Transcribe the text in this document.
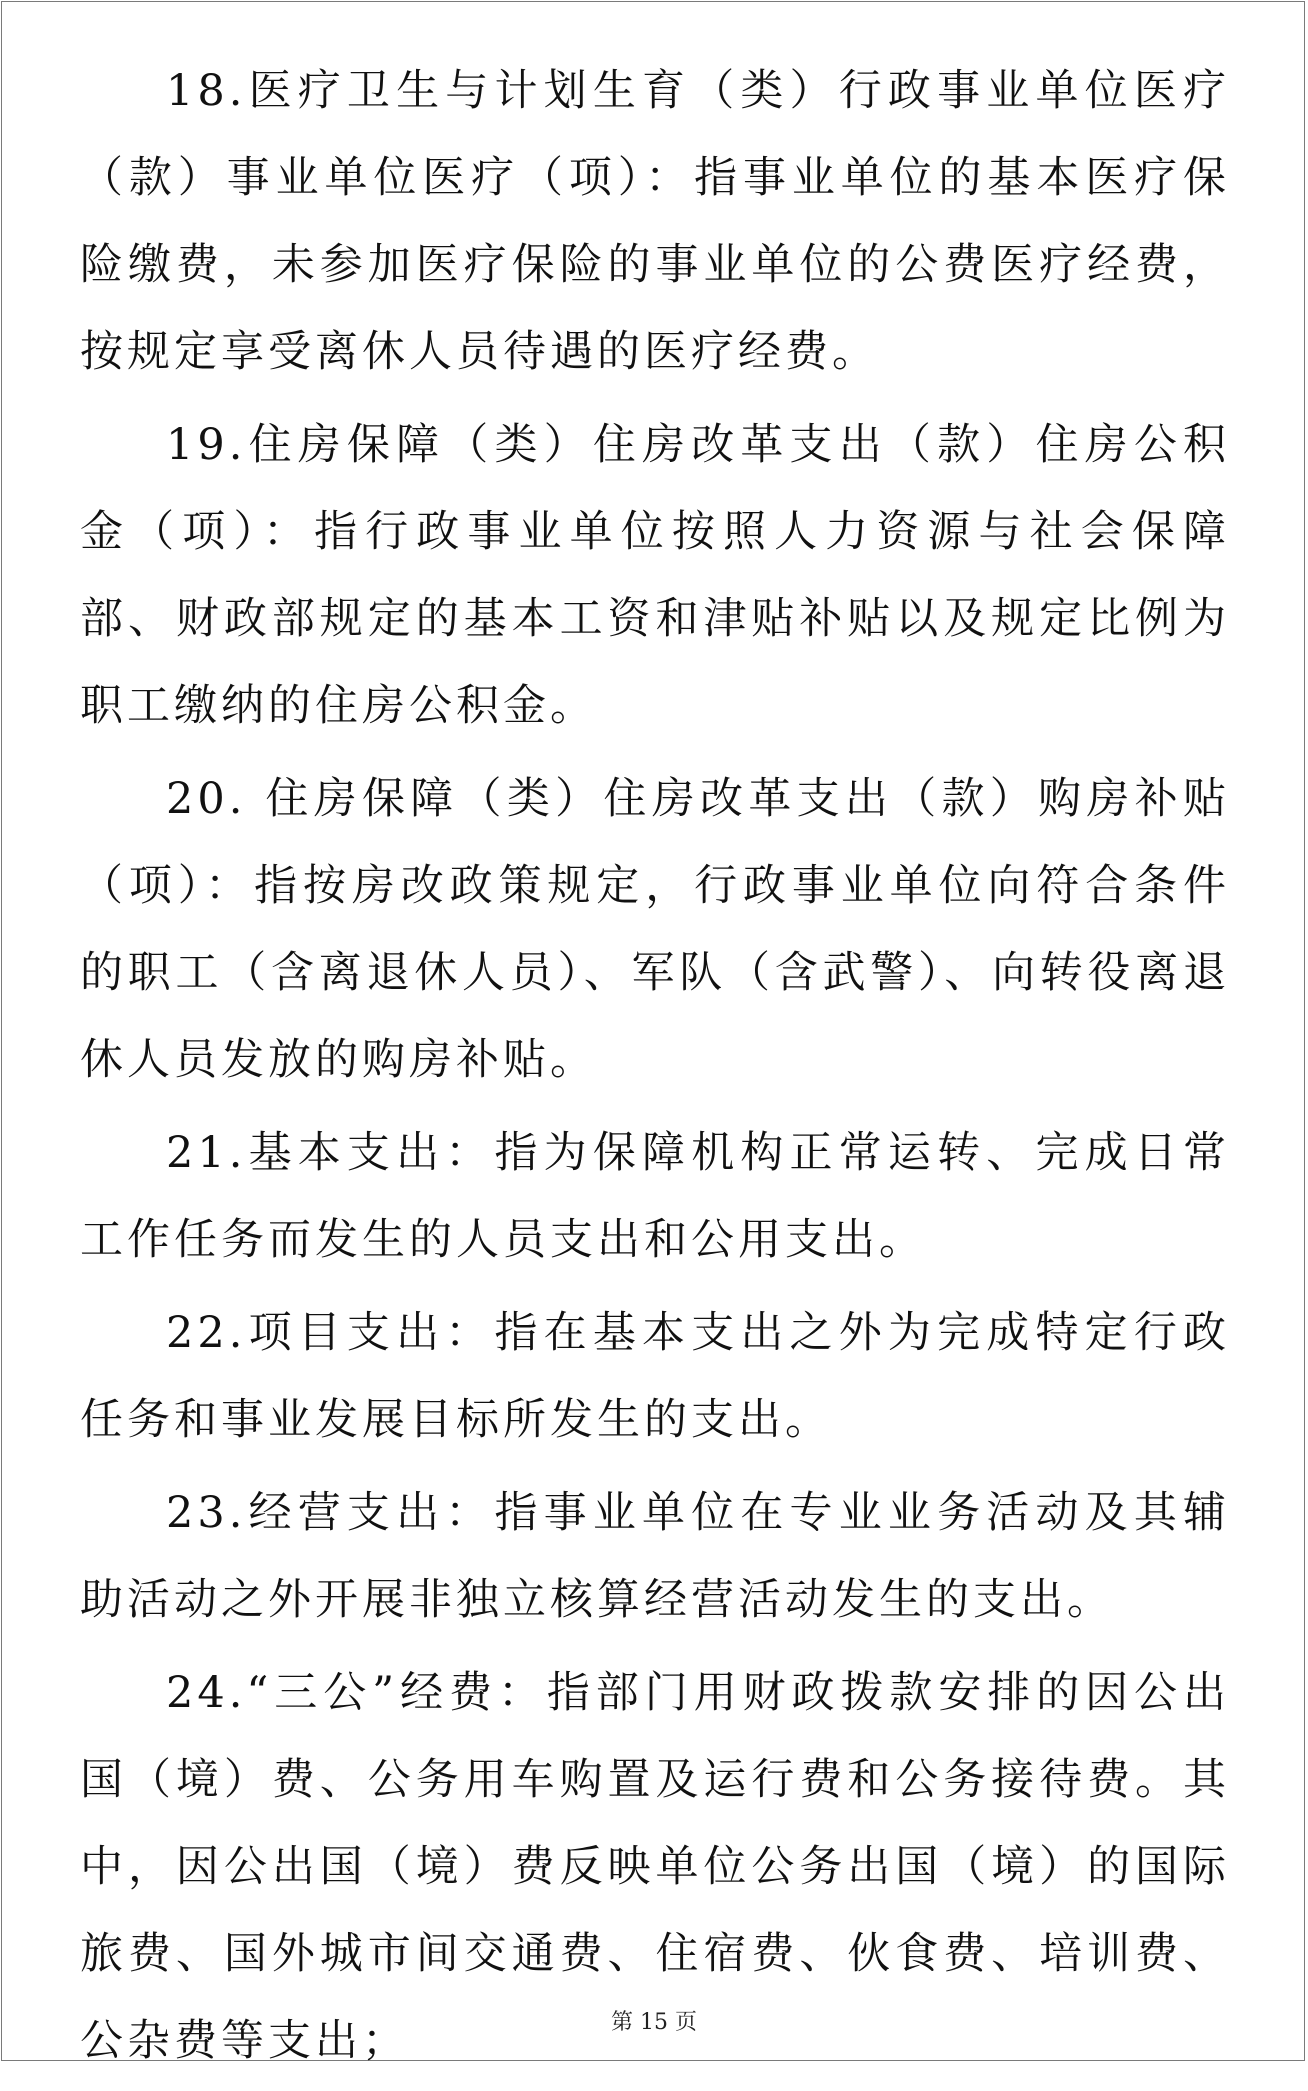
18.医疗卫生与计划生育（类）行政事业单位医疗（款）事业单位医疗（项）：指事业单位的基本医疗保险缴费，未参加医疗保险的事业单位的公费医疗经费，按规定享受离休人员待遇的医疗经费。

19.住房保障（类）住房改革支出（款）住房公积金（项）：指行政事业单位按照人力资源与社会保障部、财政部规定的基本工资和津贴补贴以及规定比例为职工缴纳的住房公积金。

20. 住房保障（类）住房改革支出（款）购房补贴（项）：指按房改政策规定，行政事业单位向符合条件的职工（含离退休人员）、军队（含武警）、向转役离退休人员发放的购房补贴。

21.基本支出：指为保障机构正常运转、完成日常工作任务而发生的人员支出和公用支出。

22.项目支出：指在基本支出之外为完成特定行政任务和事业发展目标所发生的支出。

23.经营支出：指事业单位在专业业务活动及其辅助活动之外开展非独立核算经营活动发生的支出。

24.“三公”经费：指部门用财政拨款安排的因公出国（境）费、公务用车购置及运行费和公务接待费。其中，因公出国（境）费反映单位公务出国（境）的国际旅费、国外城市间交通费、住宿费、伙食费、培训费、公杂费等支出；	第 15 页
